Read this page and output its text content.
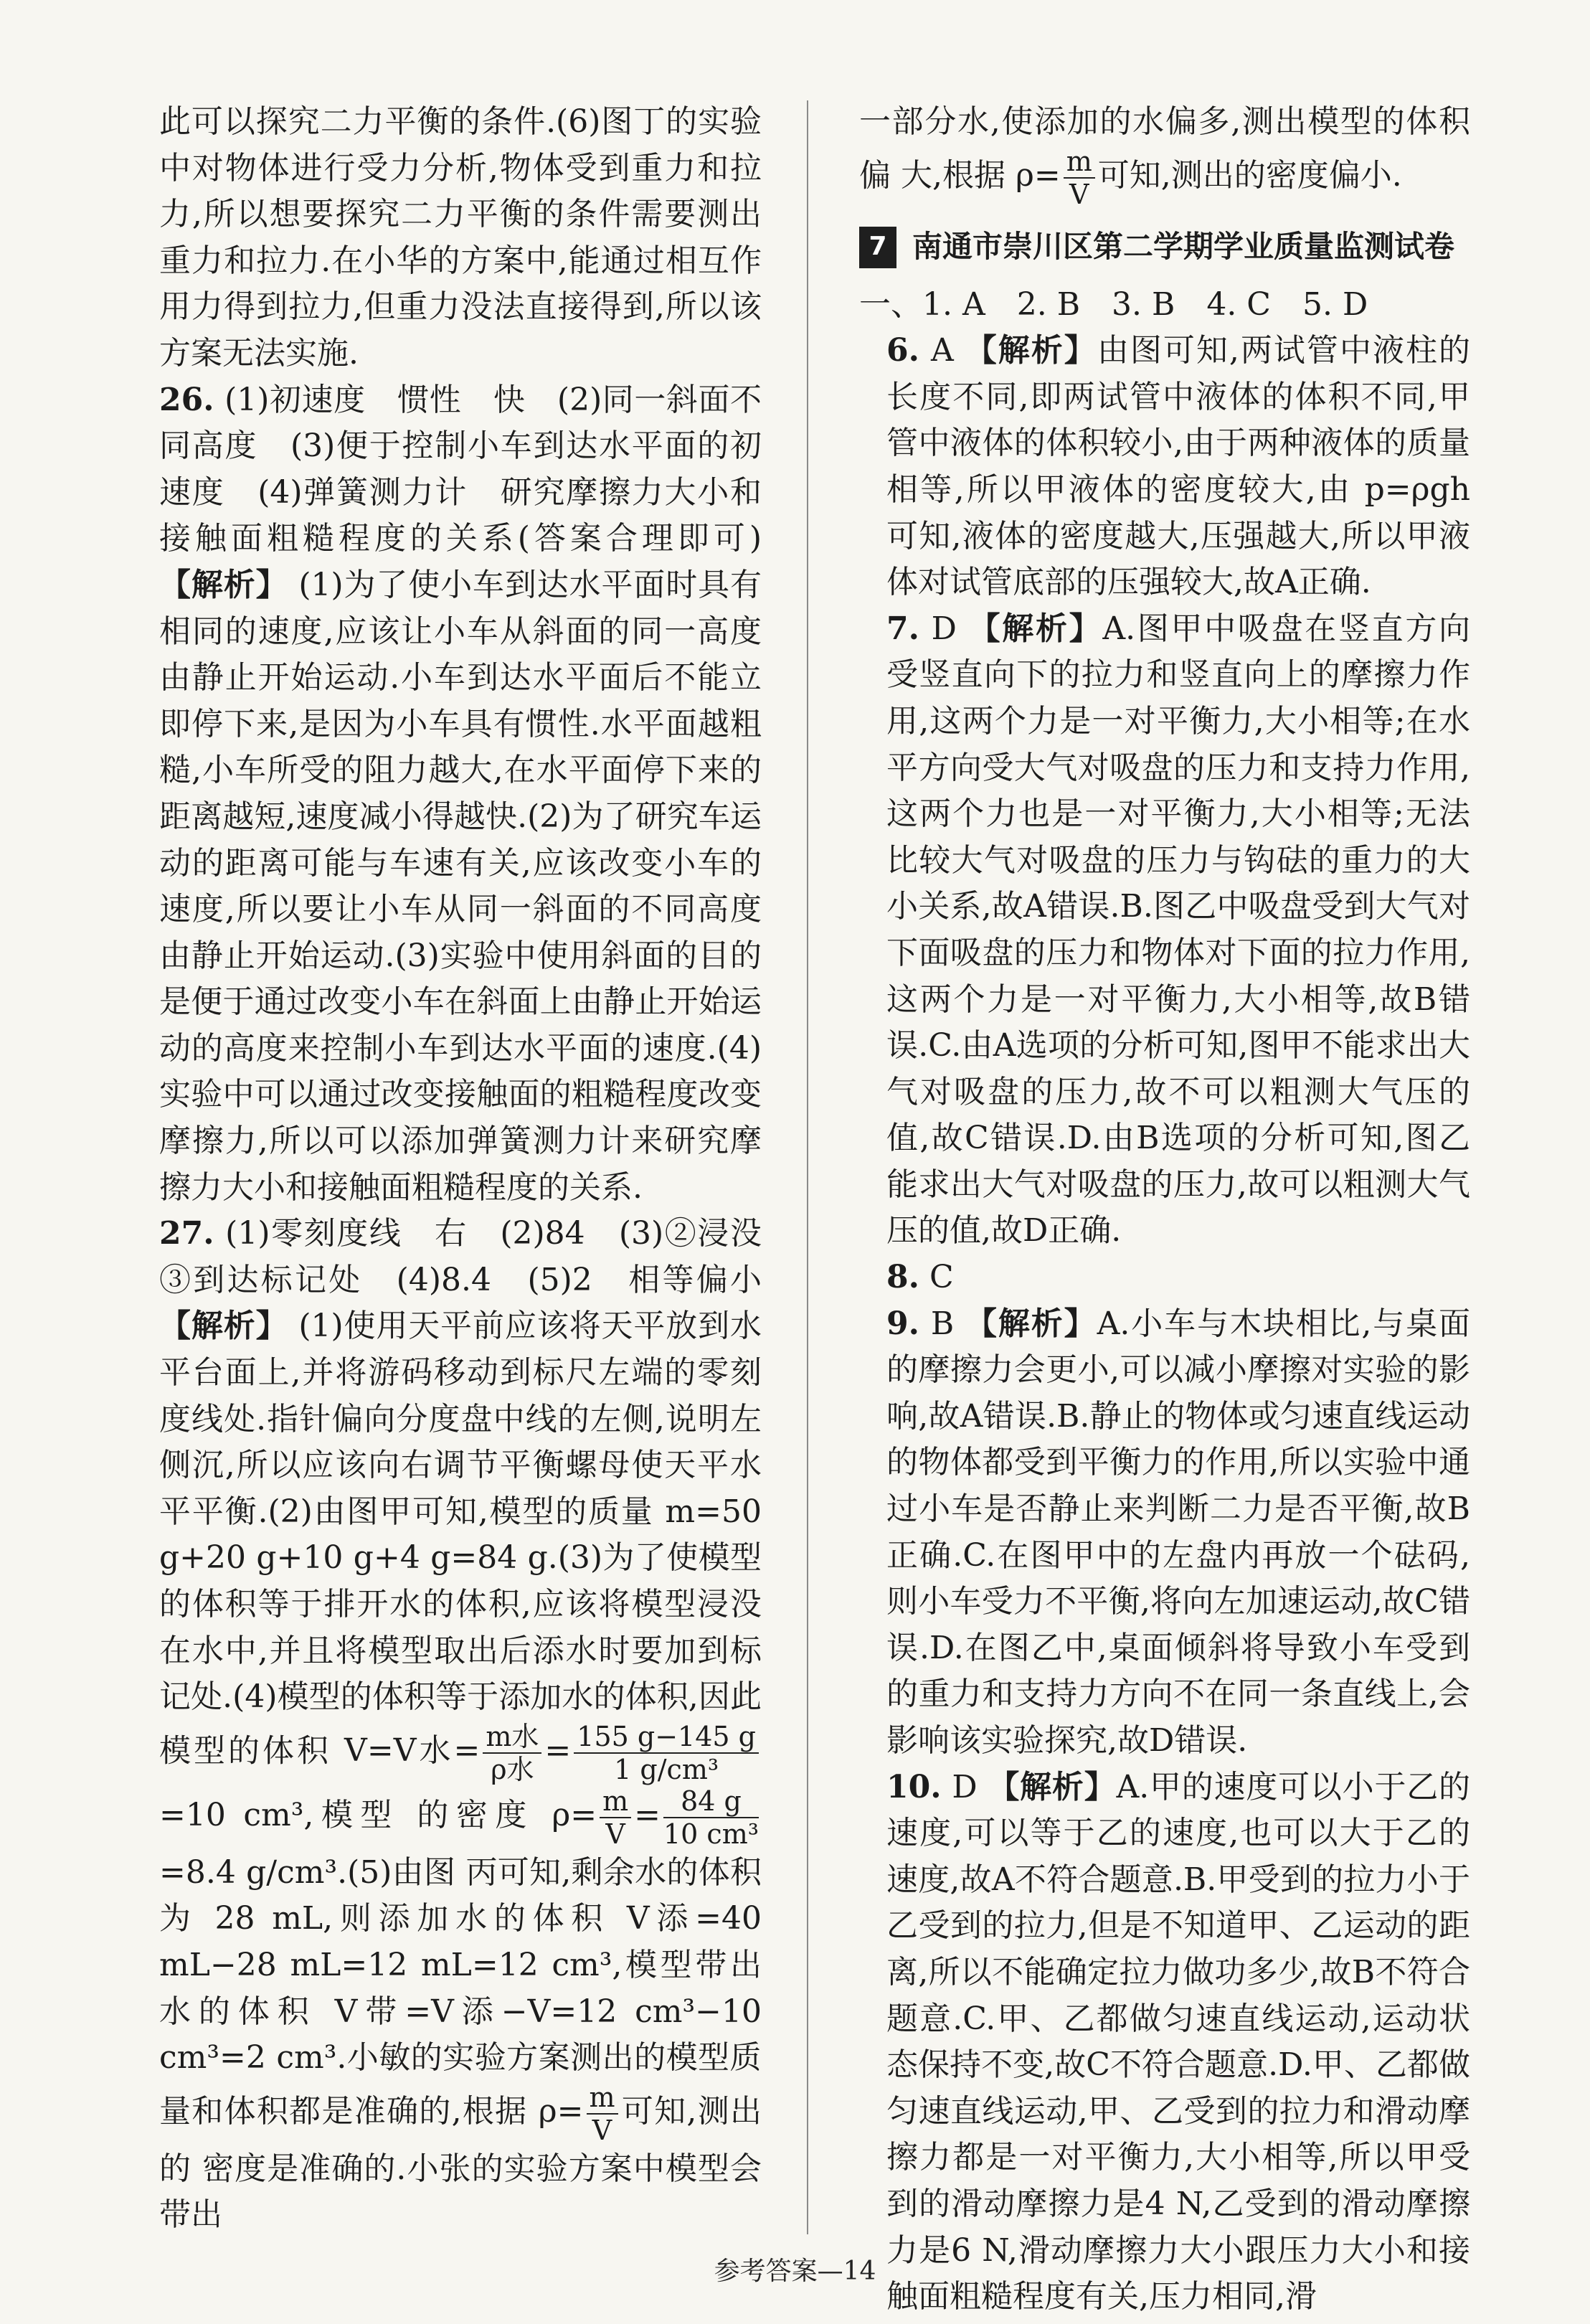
此可以探究二力平衡的条件.(6)图丁的实验中对物体进行受力分析,物体受到重力和拉力,所以想要探究二力平衡的条件需要测出重力和拉力.在小华的方案中,能通过相互作用力得到拉力,但重力没法直接得到,所以该方案无法实施.

26. (1)初速度　惯性　快　(2)同一斜面不同高度　(3)便于控制小车到达水平面的初速度　(4)弹簧测力计　研究摩擦力大小和接触面粗糙程度的关系(答案合理即可) 【解析】 (1)为了使小车到达水平面时具有相同的速度,应该让小车从斜面的同一高度由静止开始运动.小车到达水平面后不能立即停下来,是因为小车具有惯性.水平面越粗糙,小车所受的阻力越大,在水平面停下来的距离越短,速度减小得越快.(2)为了研究车运动的距离可能与车速有关,应该改变小车的速度,所以要让小车从同一斜面的不同高度由静止开始运动.(3)实验中使用斜面的目的是便于通过改变小车在斜面上由静止开始运动的高度来控制小车到达水平面的速度.(4)实验中可以通过改变接触面的粗糙程度改变摩擦力,所以可以添加弹簧测力计来研究摩擦力大小和接触面粗糙程度的关系.

27. (1)零刻度线　右　(2)84　(3)②浸没　③到达标记处　(4)8.4　(5)2　相等偏小 【解析】 (1)使用天平前应该将天平放到水平台面上,并将游码移动到标尺左端的零刻度线处.指针偏向分度盘中线的左侧,说明左侧沉,所以应该向右调节平衡螺母使天平水平平衡.(2)由图甲可知,模型的质量 m=50 g+20 g+10 g+4 g=84 g.(3)为了使模型的体积等于排开水的体积,应该将模型浸没在水中,并且将模型取出后添水时要加到标记处.(4)模型的体积等于添加水的体积,因此模型的体积 V=V水= $\frac{\text{m水}}{\text{ρ水}} = \frac{155 g-145 g}{\text{1 g/cm³}}$
=10 cm³,模型 的密度 $\rho= \frac{m}{V} = \frac{84 g}{\text{10 cm³}}$
=8.4 g/cm³.(5)由图 丙可知,剩余水的体积为 28 mL,则添加水的体积 V添=40 mL−28 mL=12 mL=12 cm³,模型带出水的体积 V带=V添−V=12 cm³−10 cm³=2 cm³.小敏的实验方案测出的模型质 量和体积都是准确的,根据 $\rho= \frac{m}{V}$ 可知,测出的 密度是准确的.小张的实验方案中模型会带出

一部分水,使添加的水偏多,测出模型的体积偏 大,根据 $\rho= \frac{m}{V}$ 可知,测出的密度偏小.

7 南通市崇川区第二学期学业质量监测试卷

一、1. A　2. B　3. B　4. C　5. D

6. A 【解析】由图可知,两试管中液柱的长度不同,即两试管中液体的体积不同,甲管中液体的体积较小,由于两种液体的质量相等,所以甲液体的密度较大,由 p=ρgh 可知,液体的密度越大,压强越大,所以甲液体对试管底部的压强较大,故A正确.

7. D 【解析】A.图甲中吸盘在竖直方向受竖直向下的拉力和竖直向上的摩擦力作用,这两个力是一对平衡力,大小相等;在水平方向受大气对吸盘的压力和支持力作用,这两个力也是一对平衡力,大小相等;无法比较大气对吸盘的压力与钩砝的重力的大小关系,故A错误.B.图乙中吸盘受到大气对下面吸盘的压力和物体对下面的拉力作用,这两个力是一对平衡力,大小相等,故B错误.C.由A选项的分析可知,图甲不能求出大气对吸盘的压力,故不可以粗测大气压的值,故C错误.D.由B选项的分析可知,图乙能求出大气对吸盘的压力,故可以粗测大气压的值,故D正确.

8. C

9. B 【解析】A.小车与木块相比,与桌面的摩擦力会更小,可以减小摩擦对实验的影响,故A错误.B.静止的物体或匀速直线运动的物体都受到平衡力的作用,所以实验中通过小车是否静止来判断二力是否平衡,故B正确.C.在图甲中的左盘内再放一个砝码,则小车受力不平衡,将向左加速运动,故C错误.D.在图乙中,桌面倾斜将导致小车受到的重力和支持力方向不在同一条直线上,会影响该实验探究,故D错误.

10. D 【解析】A.甲的速度可以小于乙的速度,可以等于乙的速度,也可以大于乙的速度,故A不符合题意.B.甲受到的拉力小于乙受到的拉力,但是不知道甲、乙运动的距离,所以不能确定拉力做功多少,故B不符合题意.C.甲、乙都做匀速直线运动,运动状态保持不变,故C不符合题意.D.甲、乙都做匀速直线运动,甲、乙受到的拉力和滑动摩擦力都是一对平衡力,大小相等,所以甲受到的滑动摩擦力是4 N,乙受到的滑动摩擦力是6 N,滑动摩擦力大小跟压力大小和接触面粗糙程度有关,压力相同,滑

参考答案—14
